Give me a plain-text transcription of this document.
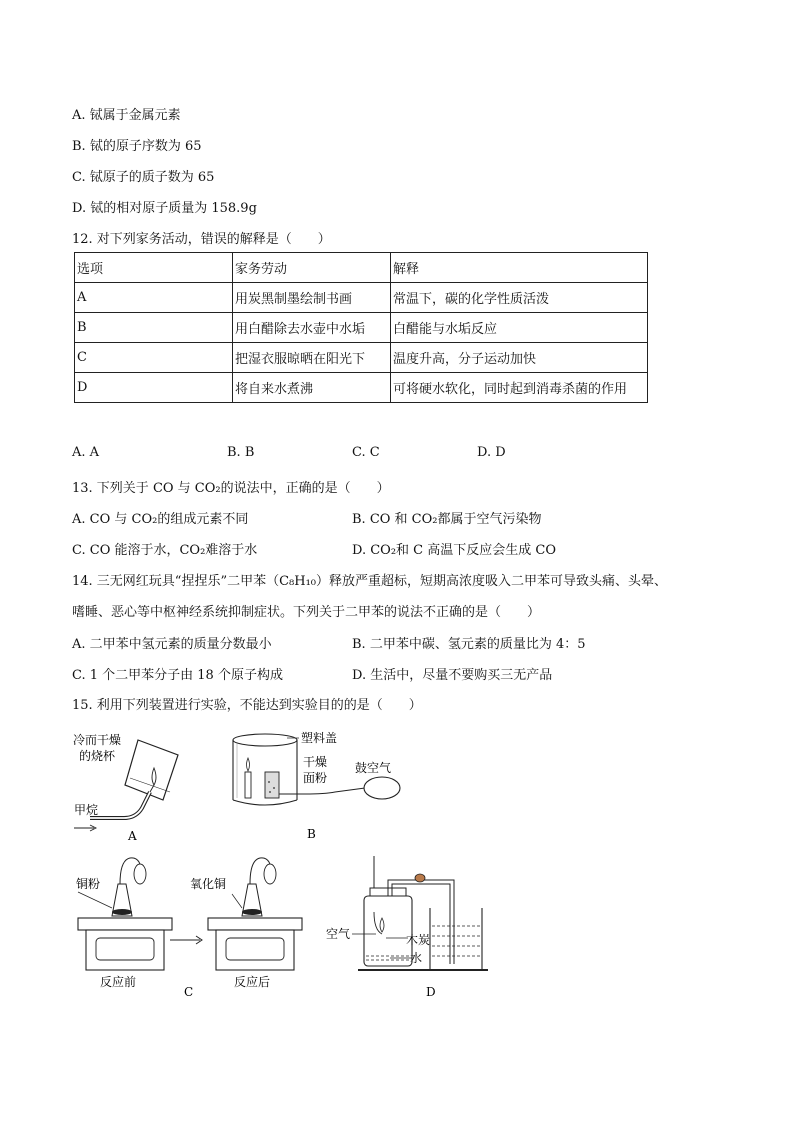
A. 铽属于金属元素
B. 铽的原子序数为 65
C. 铽原子的质子数为 65
D. 铽的相对原子质量为 158.9g
12. 对下列家务活动，错误的解释是（　　）
选项	家务劳动	解释
A	用炭黑制墨绘制书画	常温下，碳的化学性质活泼
B	用白醋除去水壶中水垢	白醋能与水垢反应
C	把湿衣服晾晒在阳光下	温度升高，分子运动加快
D	将自来水煮沸	可将硬水软化，同时起到消毒杀菌的作用
A. A	B. B	C. C	D. D
13. 下列关于 CO 与 CO₂的说法中，正确的是（　　）
A. CO 与 CO₂的组成元素不同	B. CO 和 CO₂都属于空气污染物
C. CO 能溶于水，CO₂难溶于水	D. CO₂和 C 高温下反应会生成 CO
14. 三无网红玩具“捏捏乐”二甲苯（C₈H₁₀）释放严重超标，短期高浓度吸入二甲苯可导致头痛、头晕、
嗜睡、恶心等中枢神经系统抑制症状。下列关于二甲苯的说法不正确的是（　　）
A. 二甲苯中氢元素的质量分数最小	B. 二甲苯中碳、氢元素的质量比为 4：5
C. 1 个二甲苯分子由 18 个原子构成	D. 生活中，尽量不要购买三无产品
15. 利用下列装置进行实验，不能达到实验目的的是（　　）
冷而干燥
的烧杯
甲烷
A
塑料盖
干燥
面粉
鼓空气
B
铜粉	氧化铜
反应前
C
反应后
空气	木炭
水
D
